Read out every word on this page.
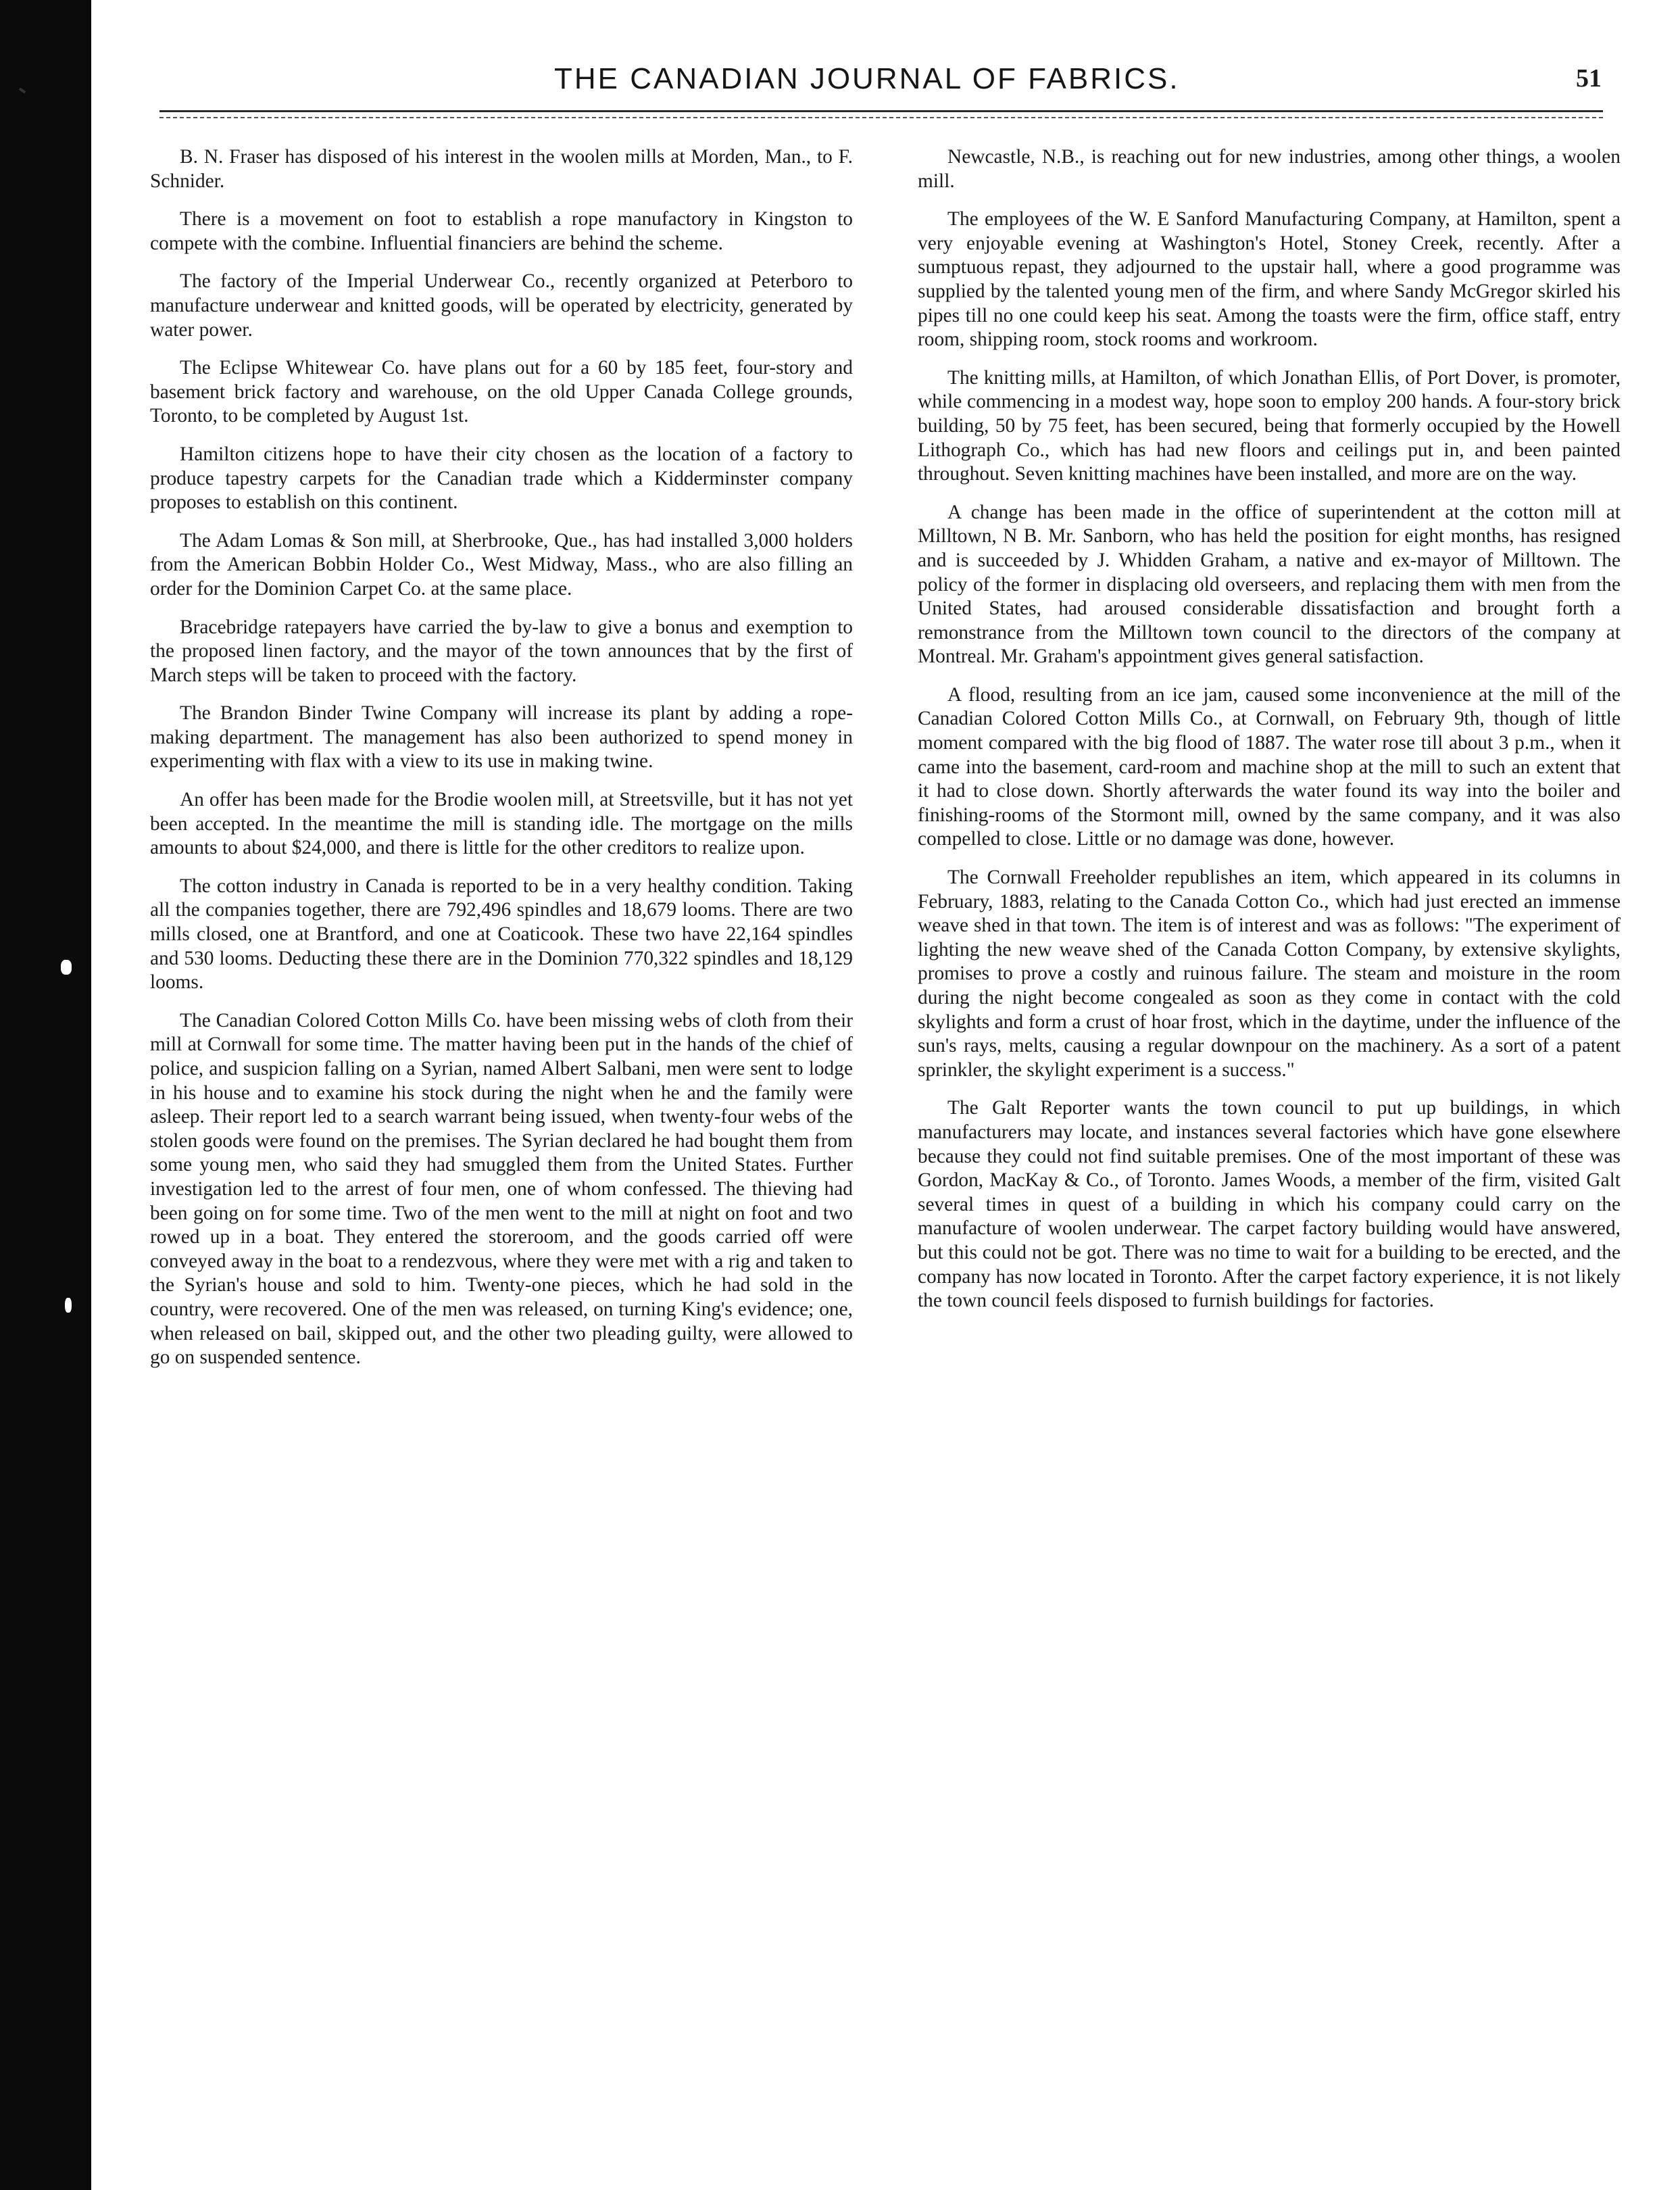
THE CANADIAN JOURNAL OF FABRICS.	51

B. N. Fraser has disposed of his interest in the woolen mills at Morden, Man., to F. Schnider.

There is a movement on foot to establish a rope manufactory in Kingston to compete with the combine. Influential financiers are behind the scheme.

The factory of the Imperial Underwear Co., recently organized at Peterboro to manufacture underwear and knitted goods, will be operated by electricity, generated by water power.

The Eclipse Whitewear Co. have plans out for a 60 by 185 feet, four-story and basement brick factory and warehouse, on the old Upper Canada College grounds, Toronto, to be completed by August 1st.

Hamilton citizens hope to have their city chosen as the location of a factory to produce tapestry carpets for the Canadian trade which a Kidderminster company proposes to establish on this continent.

The Adam Lomas & Son mill, at Sherbrooke, Que., has had installed 3,000 holders from the American Bobbin Holder Co., West Midway, Mass., who are also filling an order for the Dominion Carpet Co. at the same place.

Bracebridge ratepayers have carried the by-law to give a bonus and exemption to the proposed linen factory, and the mayor of the town announces that by the first of March steps will be taken to proceed with the factory.

The Brandon Binder Twine Company will increase its plant by adding a rope-making department. The management has also been authorized to spend money in experimenting with flax with a view to its use in making twine.

An offer has been made for the Brodie woolen mill, at Streetsville, but it has not yet been accepted. In the meantime the mill is standing idle. The mortgage on the mills amounts to about $24,000, and there is little for the other creditors to realize upon.

The cotton industry in Canada is reported to be in a very healthy condition. Taking all the companies together, there are 792,496 spindles and 18,679 looms. There are two mills closed, one at Brantford, and one at Coaticook. These two have 22,164 spindles and 530 looms. Deducting these there are in the Dominion 770,322 spindles and 18,129 looms.

The Canadian Colored Cotton Mills Co. have been missing webs of cloth from their mill at Cornwall for some time. The matter having been put in the hands of the chief of police, and suspicion falling on a Syrian, named Albert Salbani, men were sent to lodge in his house and to examine his stock during the night when he and the family were asleep. Their report led to a search warrant being issued, when twenty-four webs of the stolen goods were found on the premises. The Syrian declared he had bought them from some young men, who said they had smuggled them from the United States. Further investigation led to the arrest of four men, one of whom confessed. The thieving had been going on for some time. Two of the men went to the mill at night on foot and two rowed up in a boat. They entered the storeroom, and the goods carried off were conveyed away in the boat to a rendezvous, where they were met with a rig and taken to the Syrian's house and sold to him. Twenty-one pieces, which he had sold in the country, were recovered. One of the men was released, on turning King's evidence; one, when released on bail, skipped out, and the other two pleading guilty, were allowed to go on suspended sentence.

Newcastle, N.B., is reaching out for new industries, among other things, a woolen mill.

The employees of the W. E Sanford Manufacturing Company, at Hamilton, spent a very enjoyable evening at Washington's Hotel, Stoney Creek, recently. After a sumptuous repast, they adjourned to the upstair hall, where a good programme was supplied by the talented young men of the firm, and where Sandy McGregor skirled his pipes till no one could keep his seat. Among the toasts were the firm, office staff, entry room, shipping room, stock rooms and workroom.

The knitting mills, at Hamilton, of which Jonathan Ellis, of Port Dover, is promoter, while commencing in a modest way, hope soon to employ 200 hands. A four-story brick building, 50 by 75 feet, has been secured, being that formerly occupied by the Howell Lithograph Co., which has had new floors and ceilings put in, and been painted throughout. Seven knitting machines have been installed, and more are on the way.

A change has been made in the office of superintendent at the cotton mill at Milltown, N B. Mr. Sanborn, who has held the position for eight months, has resigned and is succeeded by J. Whidden Graham, a native and ex-mayor of Milltown. The policy of the former in displacing old overseers, and replacing them with men from the United States, had aroused considerable dissatisfaction and brought forth a remonstrance from the Milltown town council to the directors of the company at Montreal. Mr. Graham's appointment gives general satisfaction.

A flood, resulting from an ice jam, caused some inconvenience at the mill of the Canadian Colored Cotton Mills Co., at Cornwall, on February 9th, though of little moment compared with the big flood of 1887. The water rose till about 3 p.m., when it came into the basement, card-room and machine shop at the mill to such an extent that it had to close down. Shortly afterwards the water found its way into the boiler and finishing-rooms of the Stormont mill, owned by the same company, and it was also compelled to close. Little or no damage was done, however.

The Cornwall Freeholder republishes an item, which appeared in its columns in February, 1883, relating to the Canada Cotton Co., which had just erected an immense weave shed in that town. The item is of interest and was as follows: "The experiment of lighting the new weave shed of the Canada Cotton Company, by extensive skylights, promises to prove a costly and ruinous failure. The steam and moisture in the room during the night become congealed as soon as they come in contact with the cold skylights and form a crust of hoar frost, which in the daytime, under the influence of the sun's rays, melts, causing a regular downpour on the machinery. As a sort of a patent sprinkler, the skylight experiment is a success."

The Galt Reporter wants the town council to put up buildings, in which manufacturers may locate, and instances several factories which have gone elsewhere because they could not find suitable premises. One of the most important of these was Gordon, MacKay & Co., of Toronto. James Woods, a member of the firm, visited Galt several times in quest of a building in which his company could carry on the manufacture of woolen underwear. The carpet factory building would have answered, but this could not be got. There was no time to wait for a building to be erected, and the company has now located in Toronto. After the carpet factory experience, it is not likely the town council feels disposed to furnish buildings for factories.
